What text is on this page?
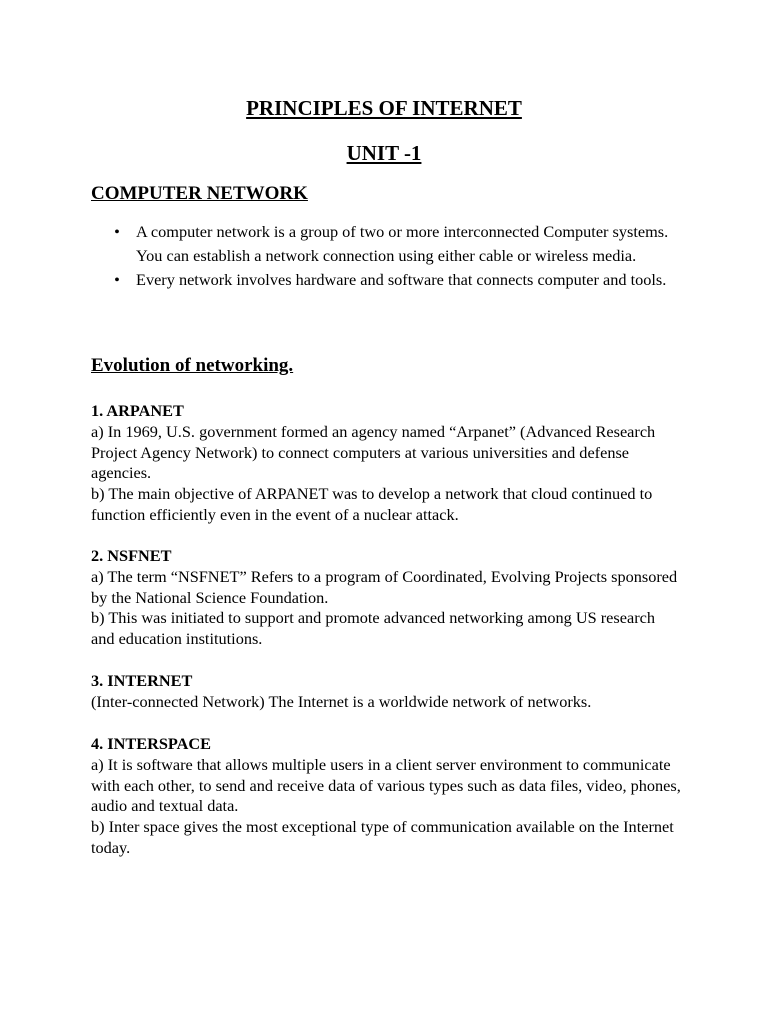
PRINCIPLES OF INTERNET
UNIT -1
COMPUTER NETWORK
• A computer network is a group of two or more interconnected Computer systems. You can establish a network connection using either cable or wireless media.
• Every network involves hardware and software that connects computer and tools.
Evolution of networking.
1. ARPANET
a) In 1969, U.S. government formed an agency named “Arpanet” (Advanced Research Project Agency Network) to connect computers at various universities and defense agencies.
b) The main objective of ARPANET was to develop a network that cloud continued to function efficiently even in the event of a nuclear attack.
2. NSFNET
a) The term “NSFNET” Refers to a program of Coordinated, Evolving Projects sponsored by the National Science Foundation.
b) This was initiated to support and promote advanced networking among US research and education institutions.
3. INTERNET
(Inter-connected Network) The Internet is a worldwide network of networks.
4. INTERSPACE
a) It is software that allows multiple users in a client server environment to communicate with each other, to send and receive data of various types such as data files, video, phones, audio and textual data.
b) Inter space gives the most exceptional type of communication available on the Internet today.
